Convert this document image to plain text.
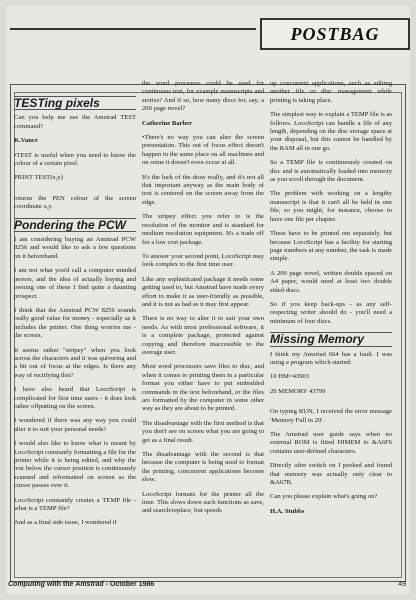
POSTBAG
TESTing pixels

Can you help me use the Amstrad TEST command?

K.Vance

•TEST is useful when you need to know the colour of a certain pixel.

PRINT TEST(x,y)

returns the PEN colour of the screen coordinate x,y.

Pondering the PCW

I am considering buying an Amstrad PCW 8256 and would like to ask a few questions on it beforehand.

I am not what you'd call a computer minded person, and the idea of actually buying and owning one of these I find quite a daunting prospect.

I think that the Amstrad PCW 8256 sounds really good value for money - especially as it includes the printer. One thing worries me - the screen.

It seems rather "stripey" when you look across the characters and it was quivering and a bit out of focus at the edges. Is there any way of rectifying this?

I have also heard that LocoScript is complicated for first time users - it does look rather offputting on the screen.

I wondered if there was any way you could alter it to suit your personal needs?

I would also like to know what is meant by LocoScript constantly formatting a file for the printer while it is being edited, and why the text below the cursor position is continuously scanned and reformatted on screen as the cursor passes over it.

LocoScript constantly creates a TEMP file - what is a TEMP file?

And as a final side issue, I wondered if

the word processor could be used for continuous text, for example manuscripts and stories? And if so, how many discs for, say, a 200 page novel?

Catherine Barber

•There's no way you can alter the screen presentation. This out of focus effect doesn't happen in the same place on all machines and on some it doesn't even occur at all.

It's the luck of the draw really, and it's not all that important anyway as the main body of text is centered on the screen away from the edge.

The stripey effect you refer to is the resolution of the monitor and is standard for medium resolution equipment. It's a trade off for a low cost package.

To answer your second point, LocoScript may look complex to the first time user.

Like any sophisticated package it needs some getting used to, but Amstrad have made every effort to make it as user-friendly as possible, and it is not as bad as it may first appear.

There is no way to alter it to suit your own needs. As with most professional software, it is a complete package, protected against copying and therefore inaccessible to the average user.

Most word processors save files to disc, and when it comes to printing them in a particular format you either have to put embedded commands in the text beforehand, or the files are formatted by the computer in some other way as they are about to be printed.

The disadvantage with the first method is that you don't see on screen what you are going to get as a final result.

The disadvantage with the second is that because the computer is being used to format the printing, concurrent applications become slow.

LocoScript formats for the printer all the time. This slows down such functions as save, and search/replace, but speeds

up concurrent applications, such as editing another file or disc management while printing is taking place.

The simplest way to explain a TEMP file is as follows. LocoScript can handle a file of any length, depending on the disc storage space at your disposal, but this cannot be handled by the RAM all in one go.

So a TEMP file is continuously created on disc and is automatically loaded into memory as you scroll through the document.

The problem with working on a lengthy manuscript is that it can't all be held in one file, so you might, for instance, choose to have one file per chapter.

These have to be printed out separately, but because LocoScript has a facility for starting page numbers at any number, the task is made simple.

A 200 page novel, written double spaced on A4 paper, would need at least two double sided discs.

So if you keep back-ups - as any self-respecting writer should do - you'll need a minimum of four discs.

Missing Memory

I think my Amstrad 664 has a fault. I was using a program which started:

10 HM=43903

20 MEMORY 43799

On typing RUN, I received the error message 'Memory Full in 20'.

The Amstrad user guide says when no external ROM is fitted HIMEM to &A6F6 contains user-defined characters.

Directly after switch on I peeked and found that memory was actually only clear to &A67B.

Can you please explain what's going on?

H.A. Stubbs

Computing with the Amstrad - October 1986	49
